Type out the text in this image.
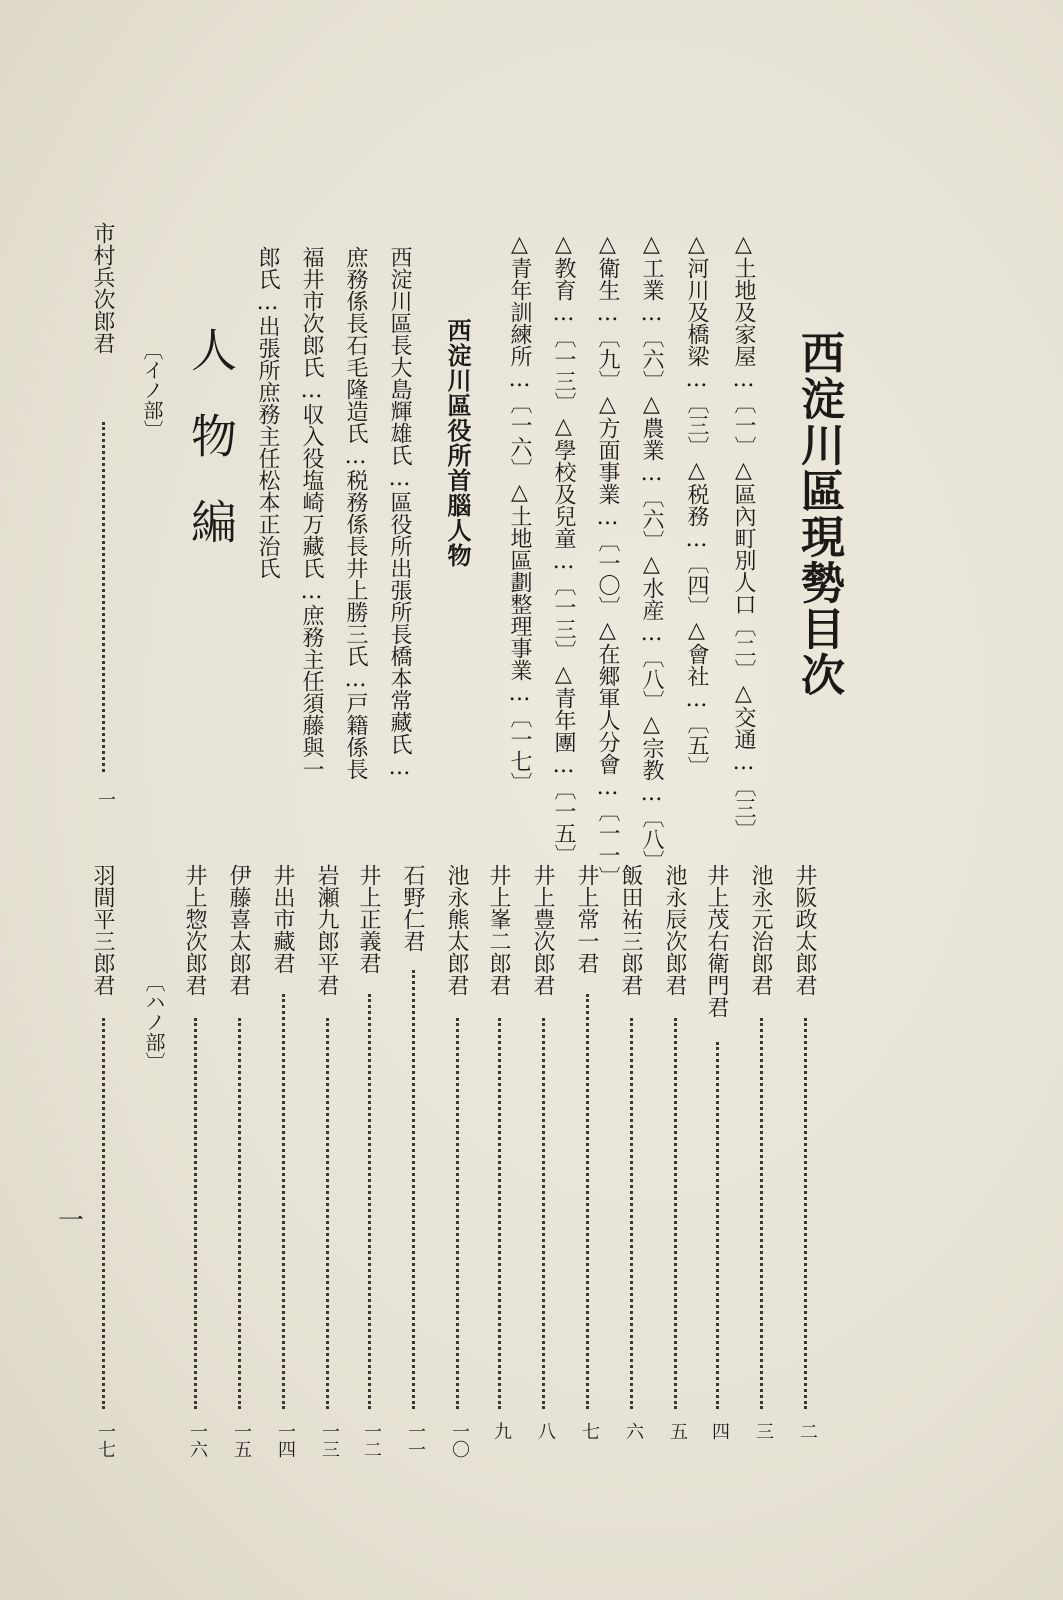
西淀川區現勢目次
△土地及家屋…〔一〕△區內町別人口〔二〕△交通…〔三〕
△河川及橋梁…〔三〕△税務…〔四〕△會社…〔五〕
△工業…〔六〕△農業…〔六〕△水産…〔八〕△宗教…〔八〕
△衛生…〔九〕△方面事業…〔一〇〕△在郷軍人分會…〔一一〕
△教育…〔一三〕△學校及兒童…〔一三〕△青年團…〔一五〕
△青年訓練所…〔一六〕△土地區劃整理事業…〔一七〕
西淀川區役所首腦人物
西淀川區長大島輝雄氏…區役所出張所長橋本常藏氏…
庶務係長石毛隆造氏…税務係長井上勝三氏…戸籍係長
福井市次郎氏…収入役塩崎万藏氏…庶務主任須藤與一
郎氏…出張所庶務主任松本正治氏
人物編
〔イノ部〕
市村兵次郎君
一
〔ハノ部〕
一
井阪政太郎君
二
池永元治郎君
三
井上茂右衛門君
四
池永辰次郎君
五
飯田祐三郎君
六
井上常一君
七
井上豊次郎君
八
井上峯二郎君
九
池永熊太郎君
一〇
石野仁君
一一
井上正義君
一二
岩瀬九郎平君
一三
井出市藏君
一四
伊藤喜太郎君
一五
井上惣次郎君
一六
羽間平三郎君
一七
